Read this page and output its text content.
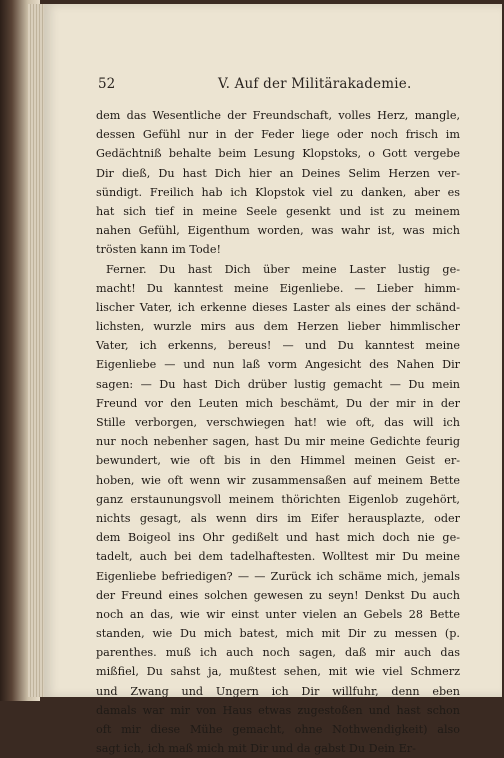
52	V. Auf der Militärakademie.
dem das Wesentliche der Freundschaft, volles Herz, mangle,
dessen Gefühl nur in der Feder liege oder noch frisch im
Gedächtniß behalte beim Lesung Klopstoks, o Gott vergebe
Dir dieß, Du hast Dich hier an Deines Selim Herzen ver-
sündigt. Freilich hab ich Klopstok viel zu danken, aber es
hat sich tief in meine Seele gesenkt und ist zu meinem
nahen Gefühl, Eigenthum worden, was wahr ist, was mich
trösten kann im Tode!
Ferner. Du hast Dich über meine Laster lustig ge-
macht! Du kanntest meine Eigenliebe. — Lieber himm-
lischer Vater, ich erkenne dieses Laster als eines der schänd-
lichsten, wurzle mirs aus dem Herzen lieber himmlischer
Vater, ich erkenns, bereus! — und Du kanntest meine
Eigenliebe — und nun laß vorm Angesicht des Nahen Dir
sagen: — Du hast Dich drüber lustig gemacht — Du mein
Freund vor den Leuten mich beschämt, Du der mir in der
Stille verborgen, verschwiegen hat! wie oft, das will ich
nur noch nebenher sagen, hast Du mir meine Gedichte feurig
bewundert, wie oft bis in den Himmel meinen Geist er-
hoben, wie oft wenn wir zusammensaßen auf meinem Bette
ganz erstaunungsvoll meinem thörichten Eigenlob zugehört,
nichts gesagt, als wenn dirs im Eifer herausplazte, oder
dem Boigeol ins Ohr gedißelt und hast mich doch nie ge-
tadelt, auch bei dem tadelhaftesten. Wolltest mir Du meine
Eigenliebe befriedigen? — — Zurück ich schäme mich, jemals
der Freund eines solchen gewesen zu seyn! Denkst Du auch
noch an das, wie wir einst unter vielen an Gebels 28 Bette
standen, wie Du mich batest, mich mit Dir zu messen (p.
parenthes. muß ich auch noch sagen, daß mir auch das
mißfiel, Du sahst ja, mußtest sehen, mit wie viel Schmerz
und Zwang und Ungern ich Dir willfuhr, denn eben
damals war mir von Haus etwas zugestoßen und hast schon
oft mir diese Mühe gemacht, ohne Nothwendigkeit) also
sagt ich, ich maß mich mit Dir und da gabst Du Dein Er-
